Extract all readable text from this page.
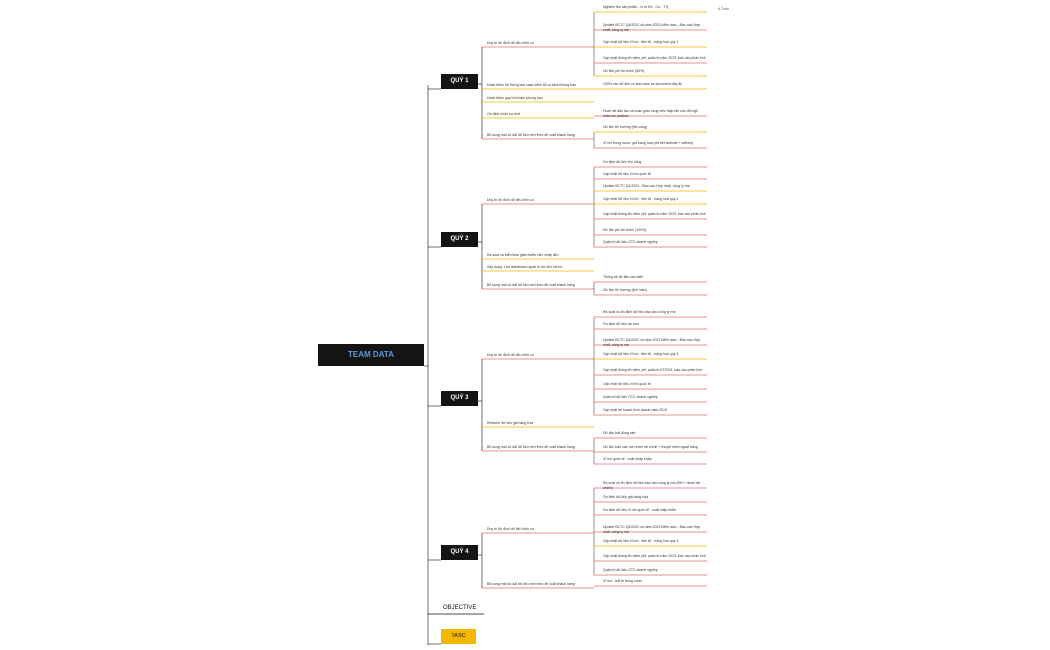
A Tuấn
TEAM DATA
QUÝ 1
Duy trì ổn định dữ liệu hiện có
Nghiệm thu sản phẩm - vị trí Hộ - Cư - TQ
Update BCTC Q4/2022 và năm 2022 kiểm toán - Báo cáo Hợp nhất, công ty mẹ
Cập nhật dữ liệu vĩ mô - tiền tệ - hàng hóa quý 1
Cập nhật thông tin niêm yết, quản trị năm 2023, báo cáo phân tích
Dữ liệu phi tài chính (50%)
Hoàn thiện hệ thống test case kiểm lỗi và kênh thông báo	100% các dữ liệu có test case và document đầy đủ
Hoàn thiện quy trình làm phòng ban
Ổn định nhân sự mới
Hoàn tất đào tạo và hoàn giao công việc thấp lẫn cho đội ngũ nhân sự partime
Bổ sung một số dải dữ liệu mới theo đề xuất khách hàng
Dữ liệu thị trường (thô công)
Vĩ mô trong nước, giá hàng hóa (chi tiết website + wifeed)
QUÝ 2
Duy trì ổn định dữ liệu hiện có
Ổn định dữ liệu thô công
Cập nhật dữ liệu vĩ mô quốc tế
Update BCTC Q1/2023 - Báo cáo Hợp nhất, công ty mẹ
Cập nhật dữ liệu vĩ mô - tiền tệ - hàng hóa quý 2
Cập nhật thông tin niêm yết, quản trị năm 2023, báo cáo phân tích
Dữ liệu phi tài chính (100%)
Quản trị dữ liệu OTC doanh nghiệp
Rà soát và triển khai giảm thiểu việc nhập liệu
Xây dựng 1 bộ dashboard quản trị dữ liệu nội bộ
Bổ sung một số dải dữ liệu mới theo đề xuất khách hàng
Thống kê dữ liệu các biến
Dữ liệu thị trường (lịch luân)
QUÝ 3
Duy trì ổn định dữ liệu hiện có
Rà soát và ổn định dữ liệu báo cáo công ty mẹ
Ổn định dữ liệu dự báo
Update BCTC Q4/2022 và năm 2022 kiểm toán - Báo cáo Hợp nhất, công ty mẹ
Cập nhật dữ liệu vĩ mô - tiền tệ - hàng hóa quý 3
Cập nhật thông tin niêm yết, quản trị 6T2024, báo cáo phân tích
Cập nhật dữ liệu vĩ mô quốc tế
Quản trị dữ liệu OTC doanh nghiệp
Cập nhật kế hoạch kinh doanh năm 2024
Refactor dữ liệu giá hàng hóa
Bổ sung một số dải dữ liệu mới theo đề xuất khách hàng
Dữ liệu bất động sản
Dữ liệu báo cáo mẹ nhóm tài chính + thuyết minh ngoại bảng
Vĩ mô quốc tế - xuất nhập khẩu
QUÝ 4
Duy trì ổn định dữ liệu hiện có
Rà soát và ổn định dữ liệu báo cáo công ty mẹ (ĐN + nhóm tài chính)
Ổn định dữ liệu giá hàng hóa
Ổn định dữ liệu vĩ mô quốc tế - xuất nhập khẩu
Update BCTC Q4/2022 và năm 2022 kiểm toán - Báo cáo Hợp nhất, công ty mẹ
Cập nhật dữ liệu vĩ mô - tiền tệ - hàng hóa quý 4
Cập nhật thông tin niêm yết, quản trị năm 2023, báo cáo phân tích
Quản trị dữ liệu OTC doanh nghiệp
Bổ sung một số dải dữ liệu mới theo đề xuất khách hàng
Vĩ mô - bất trị trong nước
OBJECTIVE
TASC
